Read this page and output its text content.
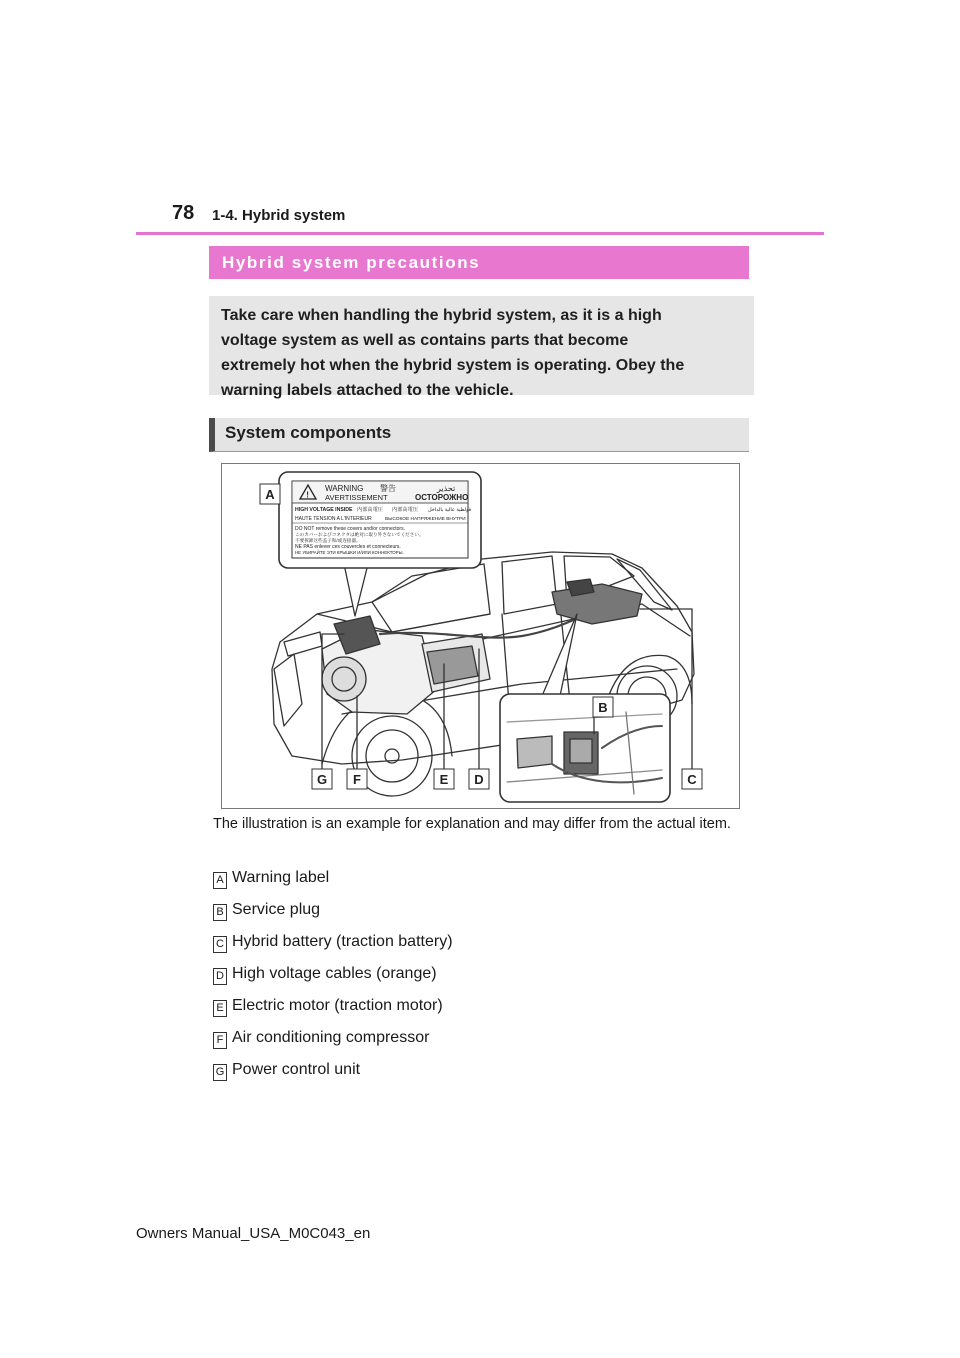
78 1-4. Hybrid system
Hybrid system precautions
Take care when handling the hybrid system, as it is a high
voltage system as well as contains parts that become
extremely hot when the hybrid system is operating. Obey the
warning labels attached to the vehicle.
System components
!
WARNING 警告	تحذير
AVERTISSEMENT	ОСТОРОЖНО
HIGH VOLTAGE INSIDE 内部高電圧 内部高電压 فولطية عالية بالداخل
HAUTE TENSION A L'INTERIEUR	ВЫСОКОЕ НАПРЯЖЕНИЕ ВНУТРИ
DO NOT remove these covers and/or connectors.
このカバーおよびコネクタは絶対に取り外さないでください。
不要拆卸这些盖子和/或连接器。
NE PAS enlever ces couvercles et connecteurs.
НЕ УБИРАЙТЕ ЭТИ КРЫШКИ И/ИЛИ КОННЕКТОРЫ.
A
B
C
D
E
F
G
The illustration is an example for explanation and may differ from the actual item.
A Warning label
B Service plug
C Hybrid battery (traction battery)
D High voltage cables (orange)
E Electric motor (traction motor)
F Air conditioning compressor
G Power control unit
Owners Manual_USA_M0C043_en
